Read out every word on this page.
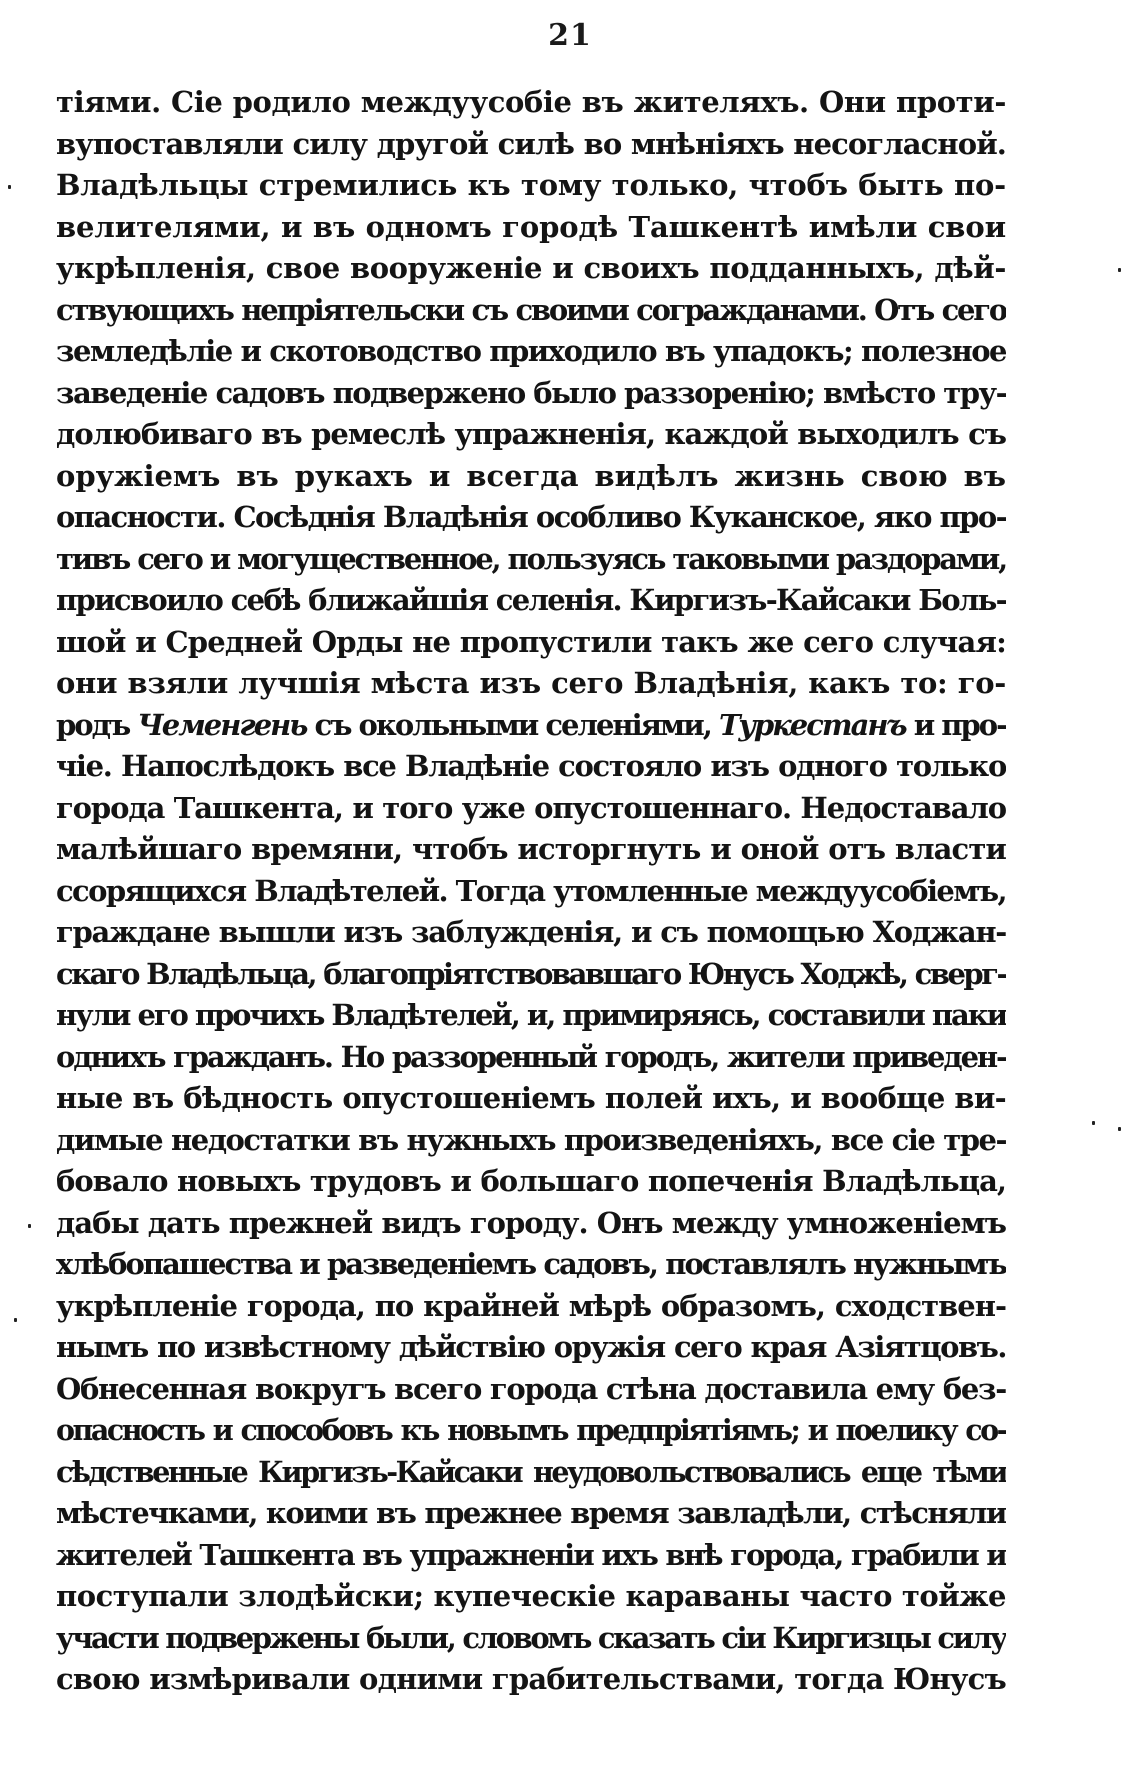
21
тіями. Сіе родило междуусобіе въ жителяхъ. Они проти-
вупоставляли силу другой силѣ во мнѣніяхъ несогласной.
Владѣльцы стремились къ тому только, чтобъ быть по-
велителями, и въ одномъ городѣ Ташкентѣ имѣли свои
укрѣпленія, свое вооруженіе и своихъ подданныхъ, дѣй-
ствующихъ непріятельски съ своими согражданами. Отъ сего
земледѣліе и скотоводство приходило въ упадокъ; полезное
заведеніе садовъ подвержено было раззоренію; вмѣсто тру-
долюбиваго въ ремеслѣ упражненія, каждой выходилъ съ
оружіемъ въ рукахъ и всегда видѣлъ жизнь свою въ
опасности. Сосѣднія Владѣнія особливо Куканское, яко про-
тивъ сего и могущественное, пользуясь таковыми раздорами,
присвоило себѣ ближайшія селенія. Киргизъ-Кайсаки Боль-
шой и Средней Орды не пропустили такъ же сего случая:
они взяли лучшія мѣста изъ сего Владѣнія, какъ то: го-
родъ Чемен​гень съ окольными селеніями, Туркестанъ и про-
чіе. Напослѣдокъ все Владѣніе состояло изъ одного только
города Ташкента, и того уже опустошеннаго. Недоставало
малѣйшаго времяни, чтобъ исторгнуть и оной отъ власти
ссорящихся Владѣтелей. Тогда утомленные междуусобіемъ,
граждане вышли изъ заблужденія, и съ помощью Ходжан-
скаго Владѣльца, благопріятствовавшаго Юнусъ Ходжѣ, сверг-
нули его прочихъ Владѣтелей, и, примиряясь, составили паки
однихъ гражданъ. Но раззоренный городъ, жители приведен-
ные въ бѣдность опустошеніемъ полей ихъ, и вообще ви-
димые недостатки въ нужныхъ произведеніяхъ, все сіе тре-
бовало новыхъ трудовъ и большаго попеченія Владѣльца,
дабы дать прежней видъ городу. Онъ между умноженіемъ
хлѣбопашества и разведеніемъ садовъ, поставлялъ нужнымъ
укрѣпленіе города, по крайней мѣрѣ образомъ, сходствен-
нымъ по извѣстному дѣйствію оружія сего края Азіятцовъ.
Обнесенная вокругъ всего города стѣна доставила ему без-
опасность и способовъ къ новымъ предпріятіямъ; и поелику со-
сѣдственные Киргизъ-Кайсаки неудовольствовались еще тѣми
мѣстечками, коими въ прежнее время завладѣли, стѣсняли
жителей Ташкента въ упражненіи ихъ внѣ города, грабили и
поступали злодѣйски; купеческіе караваны часто тойже
участи подвержены были, словомъ сказать сіи Киргизцы силу
свою измѣривали одними грабительствами, тогда Юнусъ
